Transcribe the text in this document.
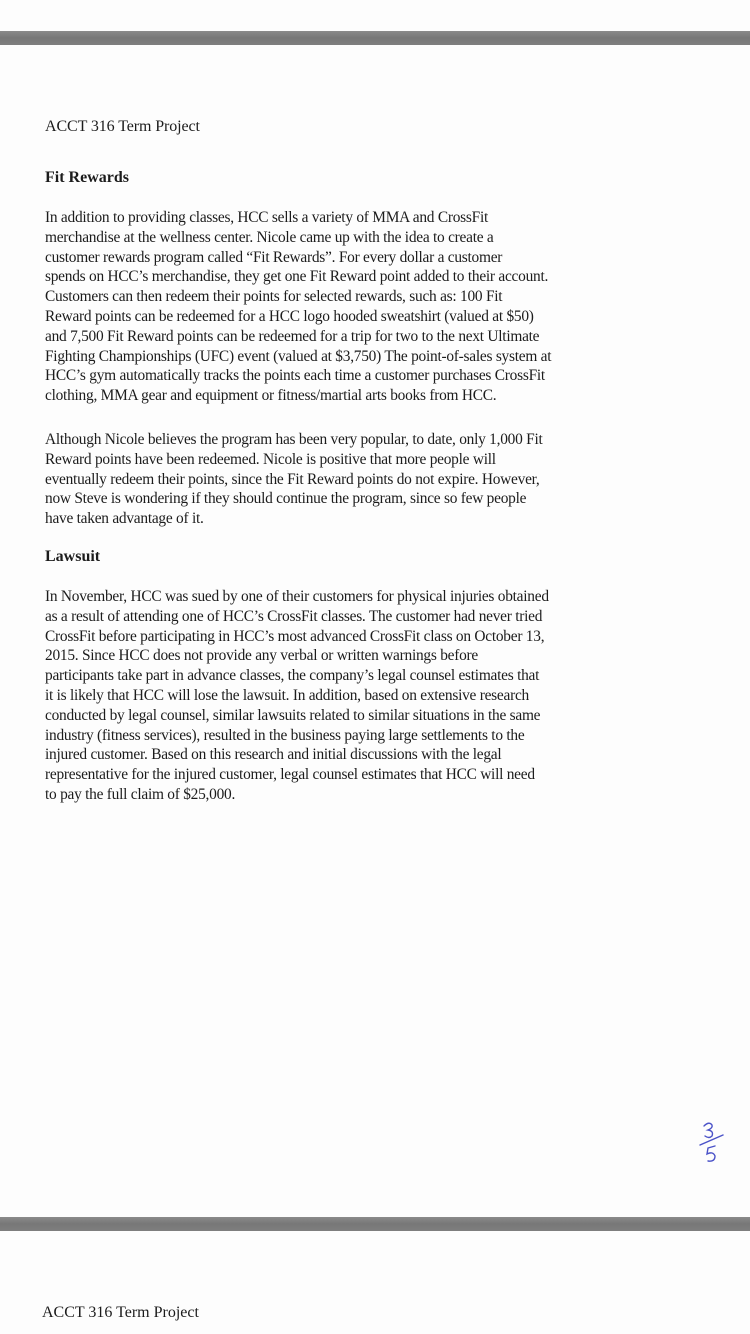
ACCT 316 Term Project
Fit Rewards

In addition to providing classes, HCC sells a variety of MMA and CrossFit
merchandise at the wellness center. Nicole came up with the idea to create a
customer rewards program called “Fit Rewards”. For every dollar a customer
spends on HCC’s merchandise, they get one Fit Reward point added to their account.
Customers can then redeem their points for selected rewards, such as: 100 Fit
Reward points can be redeemed for a HCC logo hooded sweatshirt (valued at $50)
and 7,500 Fit Reward points can be redeemed for a trip for two to the next Ultimate
Fighting Championships (UFC) event (valued at $3,750) The point-of-sales system at
HCC’s gym automatically tracks the points each time a customer purchases CrossFit
clothing, MMA gear and equipment or fitness/martial arts books from HCC.

Although Nicole believes the program has been very popular, to date, only 1,000 Fit
Reward points have been redeemed. Nicole is positive that more people will
eventually redeem their points, since the Fit Reward points do not expire. However,
now Steve is wondering if they should continue the program, since so few people
have taken advantage of it.

Lawsuit

In November, HCC was sued by one of their customers for physical injuries obtained
as a result of attending one of HCC’s CrossFit classes. The customer had never tried
CrossFit before participating in HCC’s most advanced CrossFit class on October 13,
2015. Since HCC does not provide any verbal or written warnings before
participants take part in advance classes, the company’s legal counsel estimates that
it is likely that HCC will lose the lawsuit. In addition, based on extensive research
conducted by legal counsel, similar lawsuits related to similar situations in the same
industry (fitness services), resulted in the business paying large settlements to the
injured customer. Based on this research and initial discussions with the legal
representative for the injured customer, legal counsel estimates that HCC will need
to pay the full claim of $25,000.

ACCT 316 Term Project
